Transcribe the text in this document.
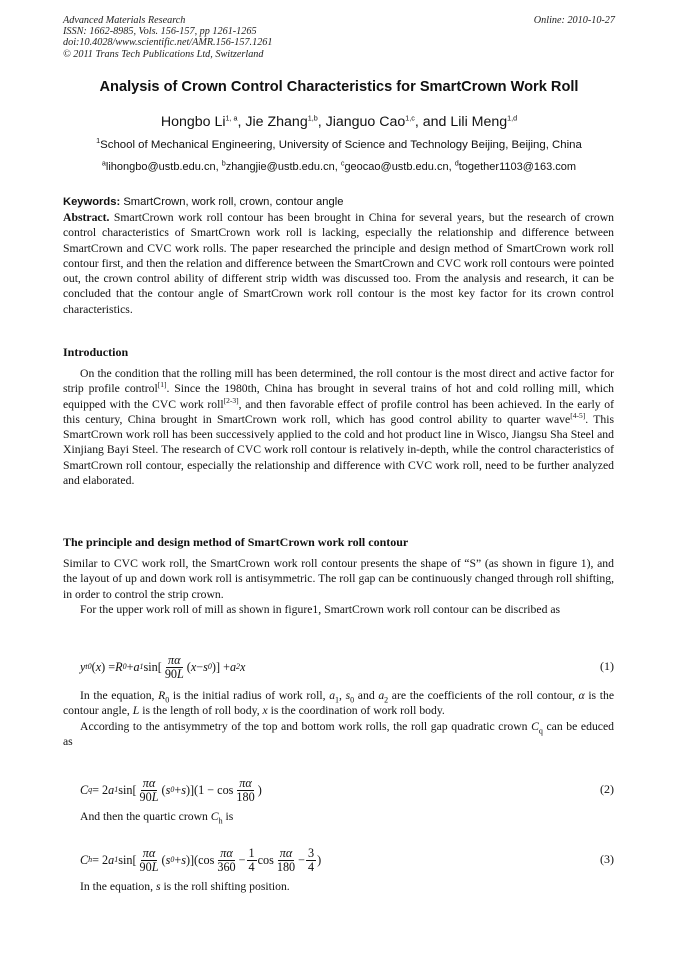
Advanced Materials Research
ISSN: 1662-8985, Vols. 156-157, pp 1261-1265
doi:10.4028/www.scientific.net/AMR.156-157.1261
© 2011 Trans Tech Publications Ltd, Switzerland
Online: 2010-10-27
Analysis of Crown Control Characteristics for SmartCrown Work Roll
Hongbo Li$^{1, a}$, Jie Zhang$^{1,b}$, Jianguo Cao$^{1,c}$, and Lili Meng$^{1,d}$
$^1$School of Mechanical Engineering, University of Science and Technology Beijing, Beijing, China
$^a$lihongbo@ustb.edu.cn, $^b$zhangjie@ustb.edu.cn, $^c$geocao@ustb.edu.cn, $^d$together1103@163.com
Keywords: SmartCrown, work roll, crown, contour angle

Abstract. SmartCrown work roll contour has been brought in China for several years, but the research of crown control characteristics of SmartCrown work roll is lacking, especially the relationship and difference between SmartCrown and CVC work rolls. The paper researched the principle and design method of SmartCrown work roll contour first, and then the relation and difference between the SmartCrown and CVC work roll contours were pointed out, the crown control ability of different strip width was discussed too. From the analysis and research, it can be concluded that the contour angle of SmartCrown work roll contour is the most key factor for its crown control characteristics.

Introduction

On the condition that the rolling mill has been determined, the roll contour is the most direct and active factor for strip profile control[1]. Since the 1980th, China has brought in several trains of hot and cold rolling mill, which equipped with the CVC work roll[2-3], and then favorable effect of profile control has been achieved. In the early of this century, China brought in SmartCrown work roll, which has good control ability to quarter wave[4-5]. This SmartCrown work roll has been successively applied to the cold and hot product line in Wisco, Jiangsu Sha Steel and Xinjiang Bayi Steel. The research of CVC work roll contour is relatively in-depth, while the control characteristics of SmartCrown roll contour, especially the relationship and difference with CVC work roll, need to be further analyzed and elaborated.

The principle and design method of SmartCrown work roll contour

Similar to CVC work roll, the SmartCrown work roll contour presents the shape of “S” (as shown in figure 1), and the layout of up and down work roll is antisymmetric. The roll gap can be continuously changed through roll shifting, in order to control the strip crown.

For the upper work roll of mill as shown in figure1, SmartCrown work roll contour can be discribed as

y t0 ( x ) = R 0 + a 1 $\sin[ \frac{\pi\alpha}{90L}$ ( x − s 0 )] + a 2 x	(1)

In the equation, $R_0$ is the initial radius of work roll, $a_1$, $s_0$ and $a_2$ are the coefficients of the roll contour, α is the contour angle, L is the length of roll body, x is the coordination of work roll body.

According to the antisymmetry of the top and bottom work rolls, the roll gap quadratic crown $C_q$ can be educed as

C q = 2 a 1 $\sin[ \frac{\pi\alpha}{90L}$ ( s 0 + s )]($1 - \cos \frac{\pi\alpha}{180}$ )	(2)

And then the quartic crown $C_h$ is

C h = 2 a 1 $\sin[ \frac{\pi\alpha}{90L}$ ( s 0 + s )]($\cos \frac{\pi\alpha}{360} - \frac{1}{4}$ $\cos \frac{\pi\alpha}{180} - \frac{3}{4}$ )	(3)

In the equation, s is the roll shifting position.
